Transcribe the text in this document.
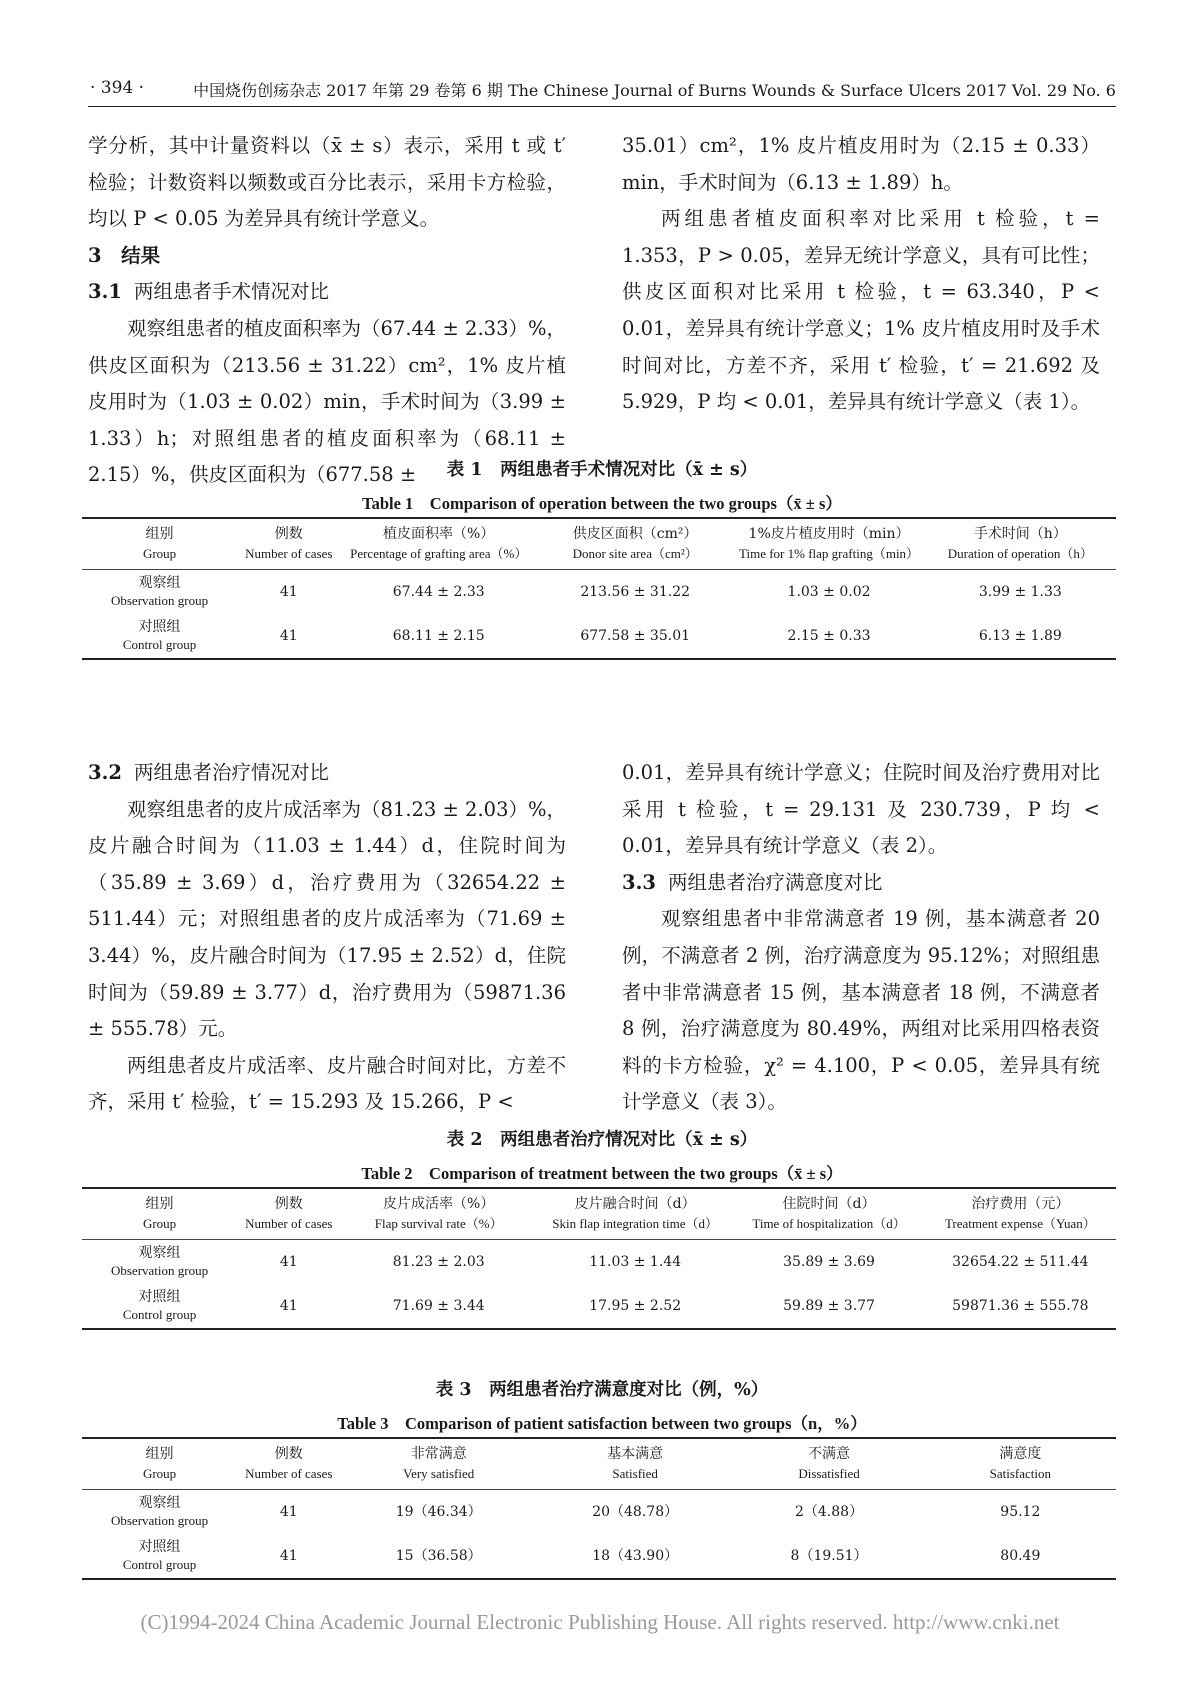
· 394 ·	中国烧伤创疡杂志 2017 年第 29 卷第 6 期 The Chinese Journal of Burns Wounds & Surface Ulcers 2017 Vol. 29 No. 6

学分析，其中计量资料以（x̄ ± s）表示，采用 t 或 t′ 检验；计数资料以频数或百分比表示，采用卡方检验，均以 P < 0.05 为差异具有统计学意义。

3　结果

3.1 两组患者手术情况对比

观察组患者的植皮面积率为（67.44 ± 2.33）%，供皮区面积为（213.56 ± 31.22）cm²，1% 皮片植皮用时为（1.03 ± 0.02）min，手术时间为（3.99 ± 1.33）h；对照组患者的植皮面积率为（68.11 ± 2.15）%，供皮区面积为（677.58 ±

35.01）cm²，1% 皮片植皮用时为（2.15 ± 0.33）min，手术时间为（6.13 ± 1.89）h。

两组患者植皮面积率对比采用 t 检验，t = 1.353，P > 0.05，差异无统计学意义，具有可比性；供皮区面积对比采用 t 检验，t = 63.340，P < 0.01，差异具有统计学意义；1% 皮片植皮用时及手术时间对比，方差不齐，采用 t′ 检验，t′ = 21.692 及 5.929，P 均 < 0.01，差异具有统计学意义（表 1）。

表 1　两组患者手术情况对比（x̄ ± s）
Table 1　Comparison of operation between the two groups（x̄ ± s）
组别
Group	例数
Number of cases	植皮面积率（%）
Percentage of grafting area（%）	供皮区面积（cm²）
Donor site area（cm²）	1%皮片植皮用时（min）
Time for 1% flap grafting（min）	手术时间（h）
Duration of operation（h）

观察组
Observation group	41	67.44 ± 2.33	213.56 ± 31.22	1.03 ± 0.02	3.99 ± 1.33

对照组
Control group	41	68.11 ± 2.15	677.58 ± 35.01	2.15 ± 0.33	6.13 ± 1.89

3.2 两组患者治疗情况对比

观察组患者的皮片成活率为（81.23 ± 2.03）%，皮片融合时间为（11.03 ± 1.44）d，住院时间为（35.89 ± 3.69）d，治疗费用为（32654.22 ± 511.44）元；对照组患者的皮片成活率为（71.69 ± 3.44）%，皮片融合时间为（17.95 ± 2.52）d，住院时间为（59.89 ± 3.77）d，治疗费用为（59871.36 ± 555.78）元。

两组患者皮片成活率、皮片融合时间对比，方差不齐，采用 t′ 检验，t′ = 15.293 及 15.266，P <

0.01，差异具有统计学意义；住院时间及治疗费用对比采用 t 检验，t = 29.131 及 230.739，P 均 < 0.01，差异具有统计学意义（表 2）。

3.3 两组患者治疗满意度对比

观察组患者中非常满意者 19 例，基本满意者 20 例，不满意者 2 例，治疗满意度为 95.12%；对照组患者中非常满意者 15 例，基本满意者 18 例，不满意者 8 例，治疗满意度为 80.49%，两组对比采用四格表资料的卡方检验，χ² = 4.100，P < 0.05，差异具有统计学意义（表 3）。

表 2　两组患者治疗情况对比（x̄ ± s）
Table 2　Comparison of treatment between the two groups（x̄ ± s）
组别
Group	例数
Number of cases	皮片成活率（%）
Flap survival rate（%）	皮片融合时间（d）
Skin flap integration time（d）	住院时间（d）
Time of hospitalization（d）	治疗费用（元）
Treatment expense（Yuan）

观察组
Observation group	41	81.23 ± 2.03	11.03 ± 1.44	35.89 ± 3.69	32654.22 ± 511.44

对照组
Control group	41	71.69 ± 3.44	17.95 ± 2.52	59.89 ± 3.77	59871.36 ± 555.78
表 3　两组患者治疗满意度对比（例，%）
Table 3　Comparison of patient satisfaction between two groups（n，%）
组别
Group	例数
Number of cases	非常满意
Very satisfied	基本满意
Satisfied	不满意
Dissatisfied	满意度
Satisfaction

观察组
Observation group	41	19（46.34）	20（48.78）	2（4.88）	95.12

对照组
Control group	41	15（36.58）	18（43.90）	8（19.51）	80.49
(C)1994-2024 China Academic Journal Electronic Publishing House. All rights reserved. http://www.cnki.net
